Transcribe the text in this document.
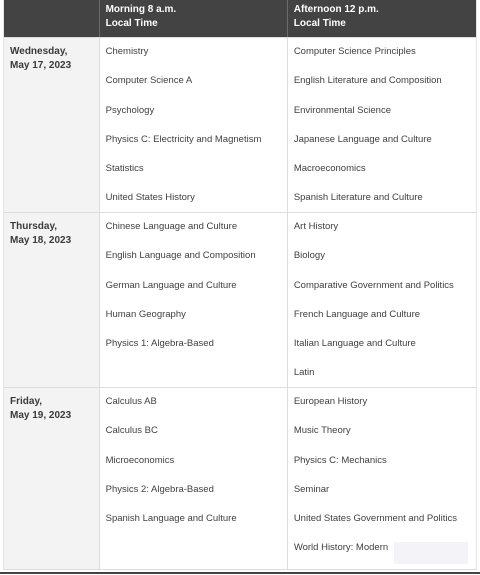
Morning 8 a.m.
Local Time
Afternoon 12 p.m.
Local Time
Wednesday,
May 17, 2023
Chemistry
Computer Science A
Psychology
Physics C: Electricity and Magnetism
Statistics
United States History
Computer Science Principles
English Literature and Composition
Environmental Science
Japanese Language and Culture
Macroeconomics
Spanish Literature and Culture
Thursday,
May 18, 2023
Chinese Language and Culture
English Language and Composition
German Language and Culture
Human Geography
Physics 1: Algebra-Based
Art History
Biology
Comparative Government and Politics
French Language and Culture
Italian Language and Culture
Latin
Friday,
May 19, 2023
Calculus AB
Calculus BC
Microeconomics
Physics 2: Algebra-Based
Spanish Language and Culture
European History
Music Theory
Physics C: Mechanics
Seminar
United States Government and Politics
World History: Modern
